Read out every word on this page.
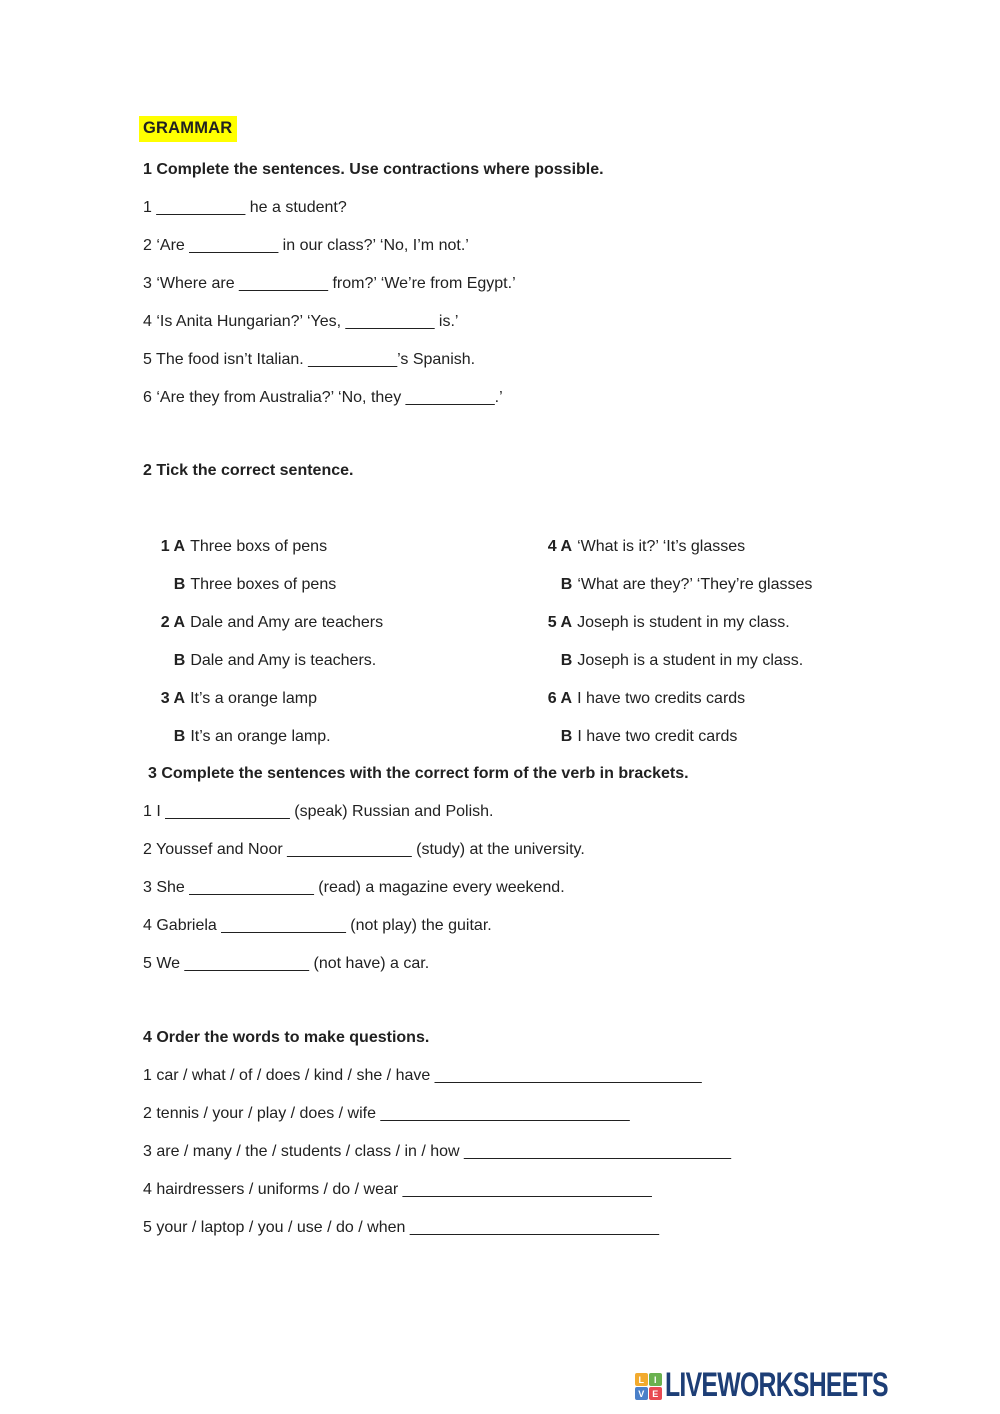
GRAMMAR
1 Complete the sentences. Use contractions where possible.
1 __________ he a student?
2 ‘Are __________ in our class?’ ‘No, I’m not.’
3 ‘Where are __________ from?’ ‘We’re from Egypt.’
4 ‘Is Anita Hungarian?’ ‘Yes, __________ is.’
5 The food isn’t Italian. __________’s Spanish.
6 ‘Are they from Australia?’ ‘No, they __________.’
2 Tick the correct sentence.

1 A Three boxs of pens

B Three boxes of pens

2 A Dale and Amy are teachers

B Dale and Amy is teachers.

3 A It’s a orange lamp

B It’s an orange lamp.

4 A ‘What is it?’ ‘It’s glasses

B ‘What are they?’ ‘They’re glasses

5 A Joseph is student in my class.

B Joseph is a student in my class.

6 A I have two credits cards

B I have two credit cards

3 Complete the sentences with the correct form of the verb in brackets.
1 I ______________ (speak) Russian and Polish.
2 Youssef and Noor ______________ (study) at the university.
3 She ______________ (read) a magazine every weekend.
4 Gabriela ______________ (not play) the guitar.
5 We ______________ (not have) a car.
4 Order the words to make questions.
1 car / what / of / does / kind / she / have ______________________________
2 tennis / your / play / does / wife ____________________________
3 are / many / the / students / class / in / how ______________________________
4 hairdressers / uniforms / do / wear ____________________________
5 your / laptop / you / use / do / when ____________________________
L	I
V E LIVEWORKSHEETS
